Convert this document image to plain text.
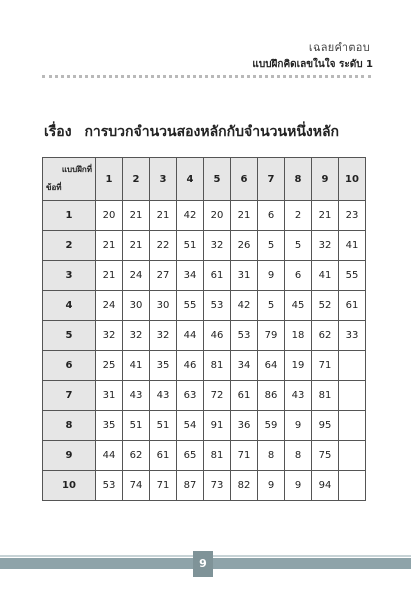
เฉลยคำตอบ
แบบฝึกคิดเลขในใจ ระดับ 1
เรื่อง การบวกจำนวนสองหลักกับจำนวนหนึ่งหลัก
แบบฝึกที่
ข้อที่	1	2	3	4	5	6	7	8	9	10
1	20	21	21	42	20	21	6	2	21	23
2	21	21	22	51	32	26	5	5	32	41
3	21	24	27	34	61	31	9	6	41	55
4	24	30	30	55	53	42	5	45	52	61
5	32	32	32	44	46	53	79	18	62	33
6	25	41	35	46	81	34	64	19	71	
7	31	43	43	63	72	61	86	43	81	
8	35	51	51	54	91	36	59	9	95	
9	44	62	61	65	81	71	8	8	75	
10	53	74	71	87	73	82	9	9	94	
9
